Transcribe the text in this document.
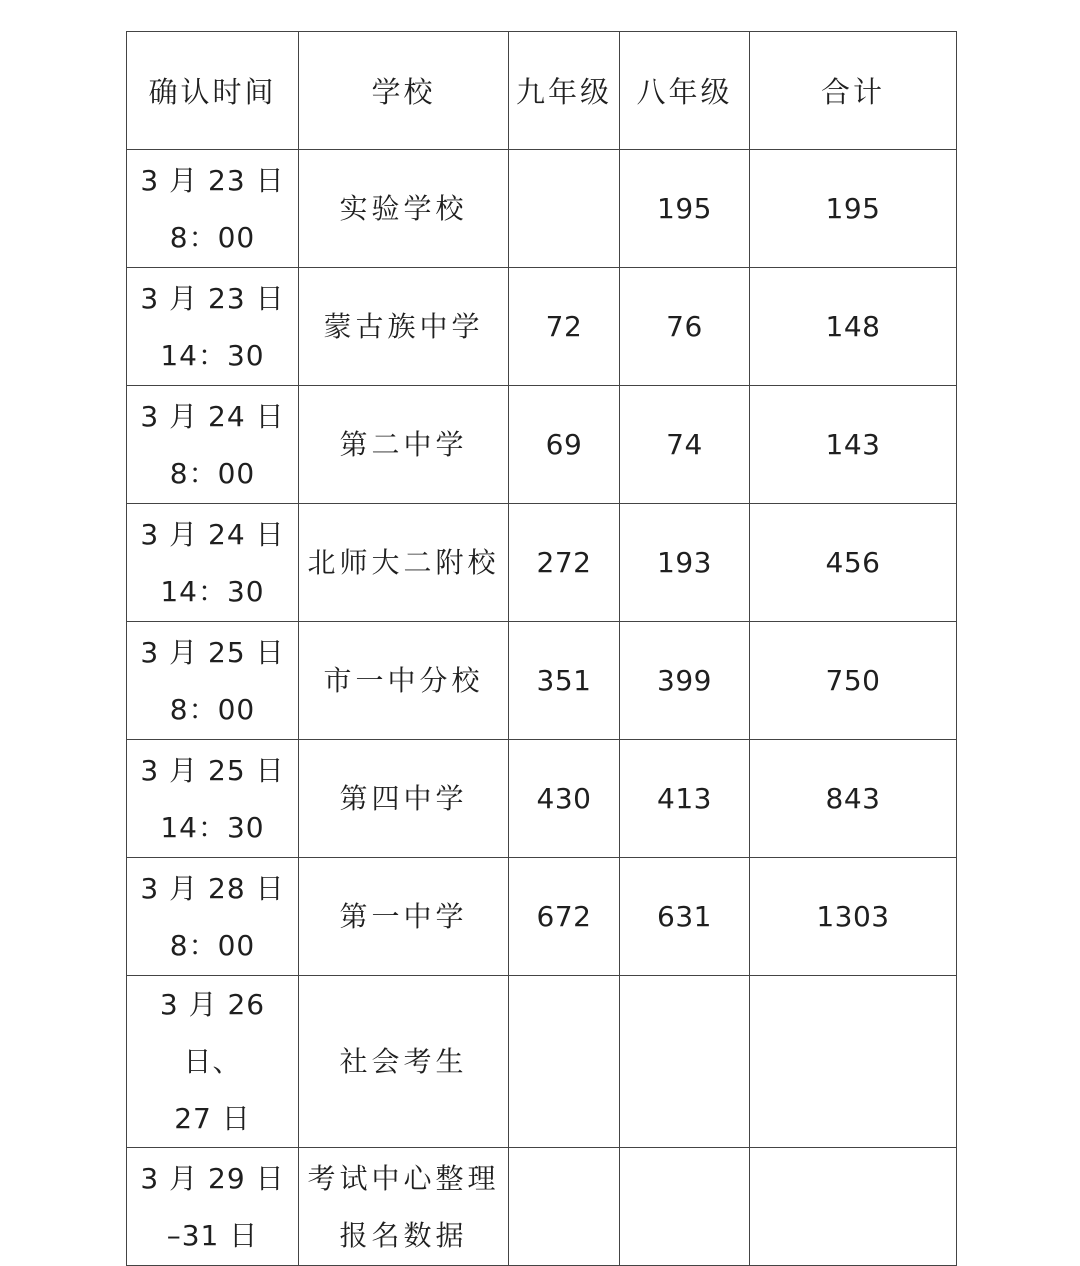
确认时间	学校	九年级	八年级	合计

3 月 23 日
8：00	实验学校		195	195

3 月 23 日
14：30	蒙古族中学	72	76	148

3 月 24 日
8：00	第二中学	69	74	143

3 月 24 日
14：30	北师大二附校	272	193	456

3 月 25 日
8：00	市一中分校	351	399	750

3 月 25 日
14：30	第四中学	430	413	843

3 月 28 日
8：00	第一中学	672	631	1303

3 月 26 日、
27 日	社会考生			

3 月 29 日
–31 日	考试中心整理
报名数据			
